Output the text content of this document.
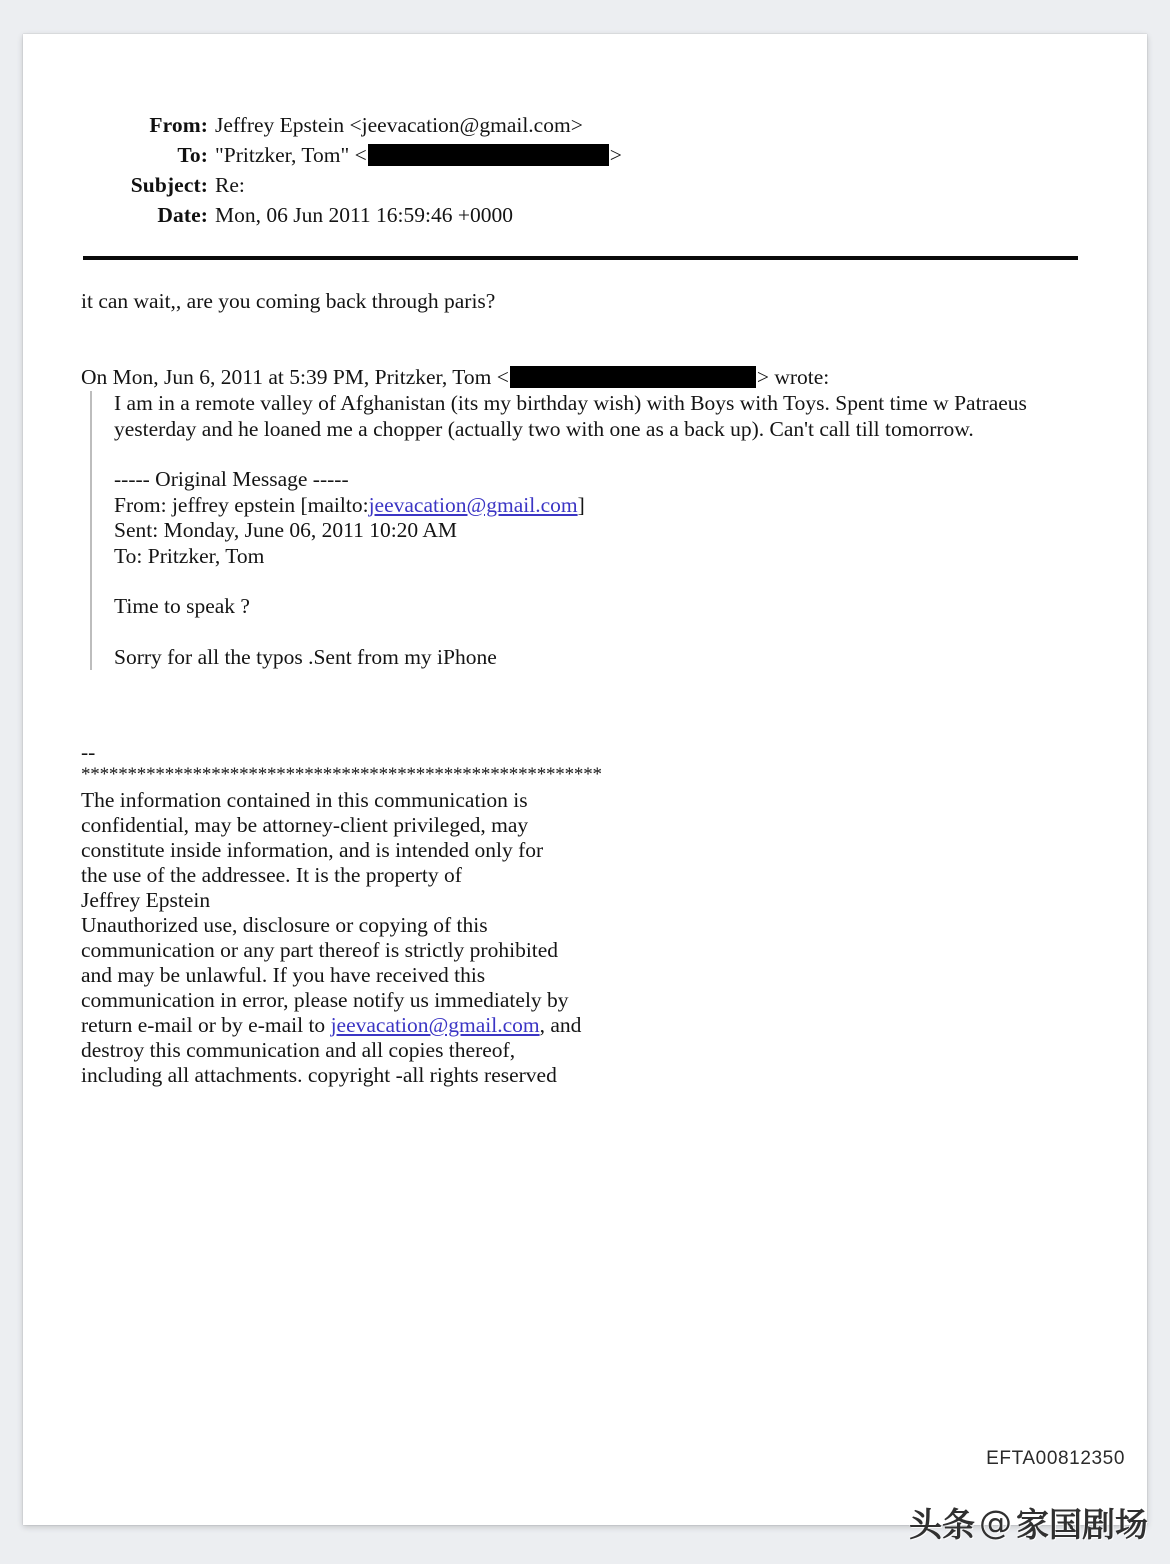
From: Jeffrey Epstein <jeevacation@gmail.com>
To: "Pritzker, Tom" <	>
Subject: Re:
Date: Mon, 06 Jun 2011 16:59:46 +0000
it can wait,, are you coming back through paris?
On Mon, Jun 6, 2011 at 5:39 PM, Pritzker, Tom <	> wrote:
I am in a remote valley of Afghanistan (its my birthday wish) with Boys with Toys. Spent time w Patraeus
yesterday and he loaned me a chopper (actually two with one as a back up). Can't call till tomorrow.
----- Original Message -----
From: jeffrey epstein [mailto:jeevacation@gmail.com]
Sent: Monday, June 06, 2011 10:20 AM
To: Pritzker, Tom
Time to speak ?
Sorry for all the typos .Sent from my iPhone
--
********************************************************
The information contained in this communication is
confidential, may be attorney-client privileged, may
constitute inside information, and is intended only for
the use of the addressee. It is the property of
Jeffrey Epstein
Unauthorized use, disclosure or copying of this
communication or any part thereof is strictly prohibited
and may be unlawful. If you have received this
communication in error, please notify us immediately by
return e-mail or by e-mail to jeevacation@gmail.com, and
destroy this communication and all copies thereof,
including all attachments. copyright -all rights reserved
EFTA00812350
头条 @ 家国剧场
